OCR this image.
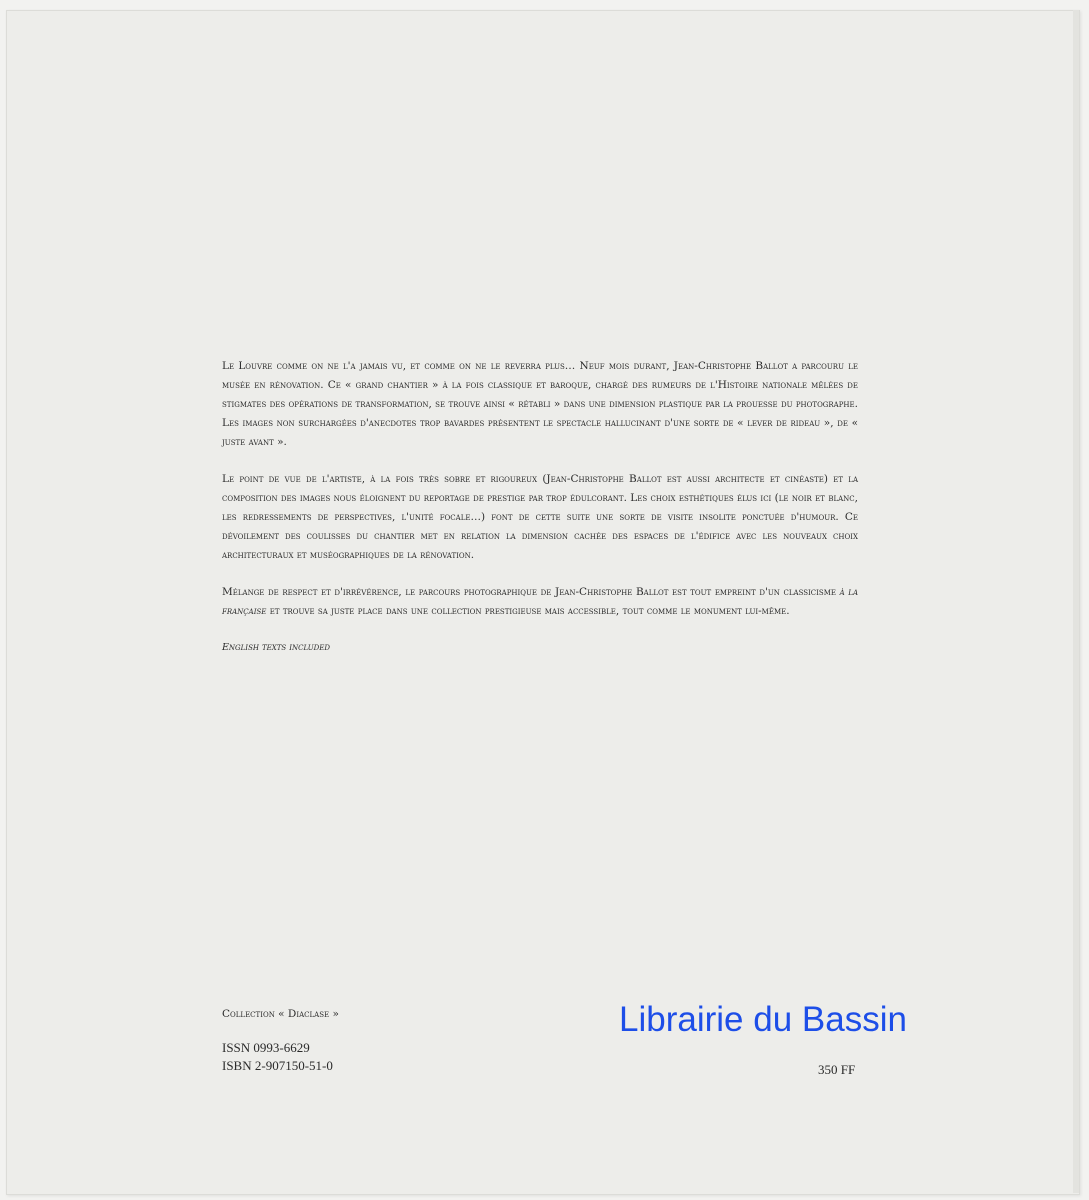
Le Louvre comme on ne l'a jamais vu, et comme on ne le reverra plus… Neuf mois durant, Jean-Christophe Ballot a parcouru le musée en rénovation. Ce « grand chantier » à la fois classique et baroque, chargé des rumeurs de l'Histoire nationale mêlées de stigmates des opérations de transformation, se trouve ainsi « rétabli » dans une dimension plastique par la prouesse du photographe. Les images non surchargées d'anecdotes trop bavardes présentent le spectacle hallucinant d'une sorte de « lever de rideau », de « juste avant ».

Le point de vue de l'artiste, à la fois très sobre et rigoureux (Jean-Christophe Ballot est aussi architecte et cinéaste) et la composition des images nous éloignent du reportage de prestige par trop édulcorant. Les choix esthétiques élus ici (le noir et blanc, les redressements de perspectives, l'unité focale…) font de cette suite une sorte de visite insolite ponctuée d'humour. Ce dévoilement des coulisses du chantier met en relation la dimension cachée des espaces de l'édifice avec les nouveaux choix architecturaux et muséographiques de la rénovation.

Mélange de respect et d'irrévérence, le parcours photographique de Jean-Christophe Ballot est tout empreint d'un classicisme à la française et trouve sa juste place dans une collection prestigieuse mais accessible, tout comme le monument lui-même.

English texts included
Collection « Diaclase »
ISSN 0993-6629
ISBN 2-907150-51-0
Librairie du Bassin
350 FF
